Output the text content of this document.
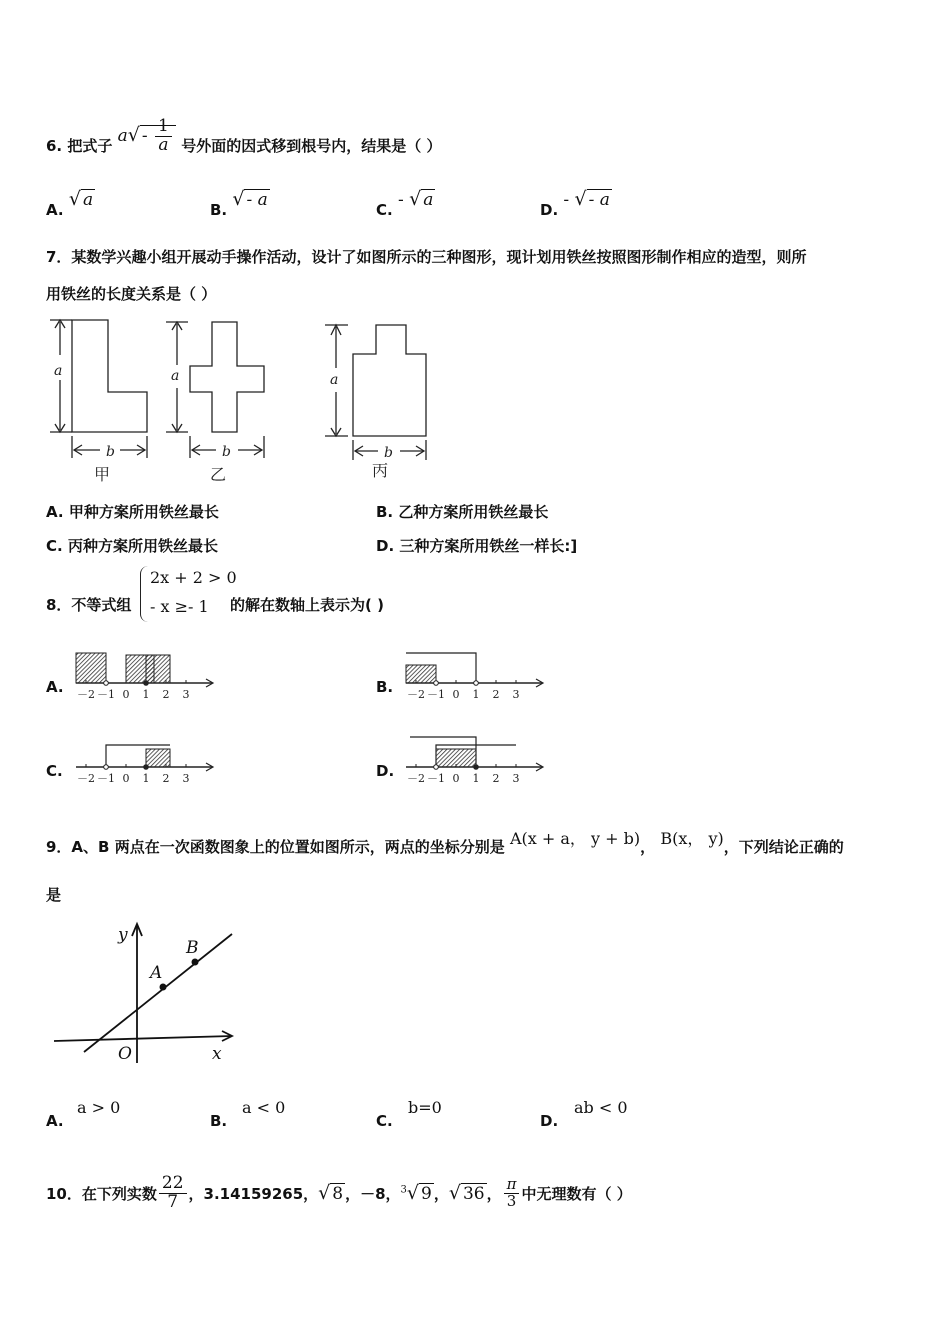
6. 把式子 $a√ - \frac{1}{a}$ 号外面的因式移到根号内，结果是（ ）
A. √ a	B. √ - a	C. - √ a	D. - √ - a
7．某数学兴趣小组开展动手操作活动，设计了如图所示的三种图形，现计划用铁丝按照图形制作相应的造型，则所
用铁丝的长度关系是（ ）
a
b
a
b
a
b
甲	乙	丙
A. 甲种方案所用铁丝最长	B. 乙种方案所用铁丝最长
C. 丙种方案所用铁丝最长	D. 三种方案所用铁丝一样长:]
8．不等式组
2x + 2 > 0
- x ≥- 1 的解在数轴上表示为( )
A.	B.
C.	D.
－2 －1 0 1 2 3	－2 －1 0 1 2 3
－2 －1 0 1 2 3	－2 －1 0 1 2 3
9．A、B 两点在一次函数图象上的位置如图所示，两点的坐标分别是 A(x + a， y + b)， B(x， y)，下列结论正确的
是
y
x
O
A
B
A.
a > 0
B.
a < 0
C.
b=0
D.
ab < 0
10．在下列实数 $\frac{22}{7}$ ，3.14159265， √ 8 ，－8， $^3$√ 9 ， √ 36 ， $\frac{\pi}{3}$ 中无理数有（ ）
